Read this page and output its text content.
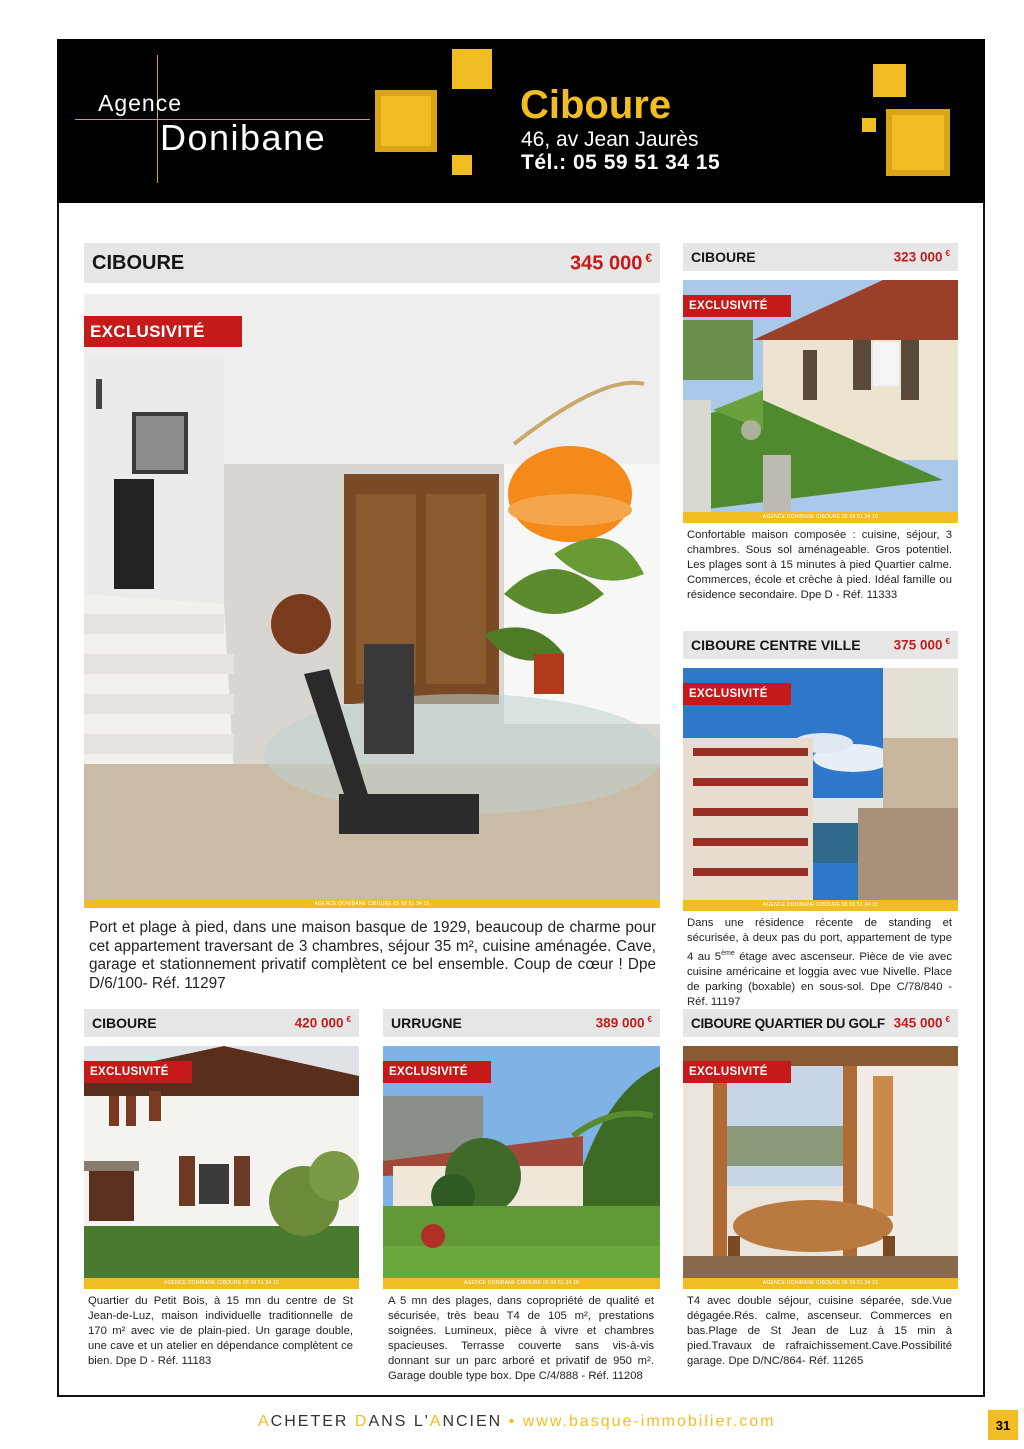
Agence
Donibane
Ciboure
46, av Jean Jaurès
Tél.: 05 59 51 34 15
CIBOURE	345 000 €
EXCLUSIVITÉ
AGENCE DONIBANE CIBOURE 05 59 51 34 15

Port et plage à pied, dans une maison basque de 1929, beaucoup de charme pour cet appartement traversant de 3 chambres, séjour 35 m², cuisine aménagée. Cave, garage et stationnement privatif complètent ce bel ensemble. Coup de cœur ! Dpe D/6/100- Réf. 11297

CIBOURE	323 000 €
EXCLUSIVITÉ
AGENCE DONIBANE CIBOURE 05 59 51 34 15

Confortable maison composée : cuisine, séjour, 3 chambres. Sous sol aménageable. Gros potentiel. Les plages sont à 15 minutes à pied Quartier calme. Commerces, école et crèche à pied. Idéal famille ou résidence secondaire. Dpe D - Réf. 11333

CIBOURE CENTRE VILLE 375 000 €
EXCLUSIVITÉ
AGENCE DONIBANE CIBOURE 05 59 51 34 15

Dans une résidence récente de standing et sécurisée, à deux pas du port, appartement de type 4 au 5ème étage avec ascenseur. Pièce de vie avec cuisine américaine et loggia avec vue Nivelle. Place de parking (boxable) en sous-sol. Dpe C/78/840 - Réf. 11197

CIBOURE	420 000 €
EXCLUSIVITÉ
AGENCE DONIBANE CIBOURE 05 59 51 34 15

Quartier du Petit Bois, à 15 mn du centre de St Jean-de-Luz, maison individuelle traditionnelle de 170 m² avec vie de plain-pied. Un garage double, une cave et un atelier en dépendance complètent ce bien. Dpe D - Réf. 11183

URRUGNE	389 000 €
EXCLUSIVITÉ
AGENCE DONIBANE CIBOURE 05 59 51 34 15

A 5 mn des plages, dans copropriété de qualité et sécurisée, très beau T4 de 105 m², prestations soignées. Lumineux, pièce à vivre et chambres spacieuses. Terrasse couverte sans vis-à-vis donnant sur un parc arboré et privatif de 950 m². Garage double type box. Dpe C/4/888 - Réf. 11208

CIBOURE QUARTIER DU GOLF 345 000 €
EXCLUSIVITÉ
AGENCE DONIBANE CIBOURE 05 59 51 34 15

T4 avec double séjour, cuisine séparée, sde.Vue dégagée.Rés. calme, ascenseur. Commerces en bas.Plage de St Jean de Luz à 15 min à pied.Travaux de rafraichissement.Cave.Possibilité garage. Dpe D/NC/864- Réf. 11265

ACHETER DANS L'ANCIEN • www.basque-immobilier.com	31
